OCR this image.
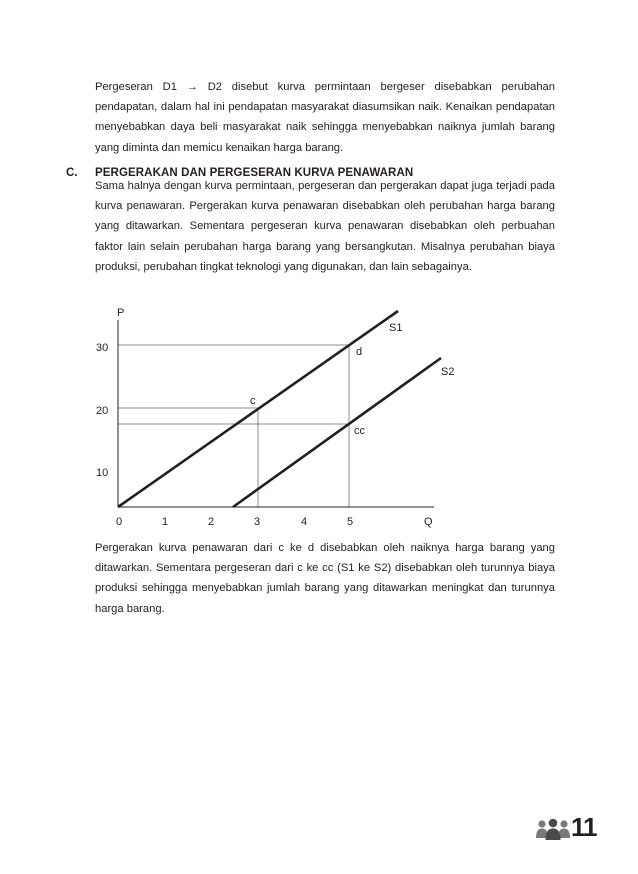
Pergeseran D1 → D2 disebut kurva permintaan bergeser disebabkan perubahan pendapatan, dalam hal ini pendapatan masyarakat diasumsikan naik. Kenaikan pendapatan menyebabkan daya beli masyarakat naik sehingga menyebabkan naiknya jumlah barang yang diminta dan memicu kenaikan harga barang.

C. PERGERAKAN DAN PERGESERAN KURVA PENAWARAN

Sama halnya dengan kurva permintaan, pergeseran dan pergerakan dapat juga terjadi pada kurva penawaran. Pergerakan kurva penawaran disebabkan oleh perubahan harga barang yang ditawarkan. Sementara pergeseran kurva penawaran disebabkan oleh perbuahan faktor lain selain perubahan harga barang yang bersangkutan. Misalnya perubahan biaya produksi, perubahan tingkat teknologi yang digunakan, dan lain sebagainya.

P
Q
30
20
10
0	1	2	3	4	5
S1
S2
d
c
cc

Pergerakan kurva penawaran dari c ke d disebabkan oleh naiknya harga barang yang ditawarkan. Sementara pergeseran dari c ke cc (S1 ke S2) disebabkan oleh turunnya biaya produksi sehingga menyebabkan jumlah barang yang ditawarkan meningkat dan turunnya harga barang.

11
